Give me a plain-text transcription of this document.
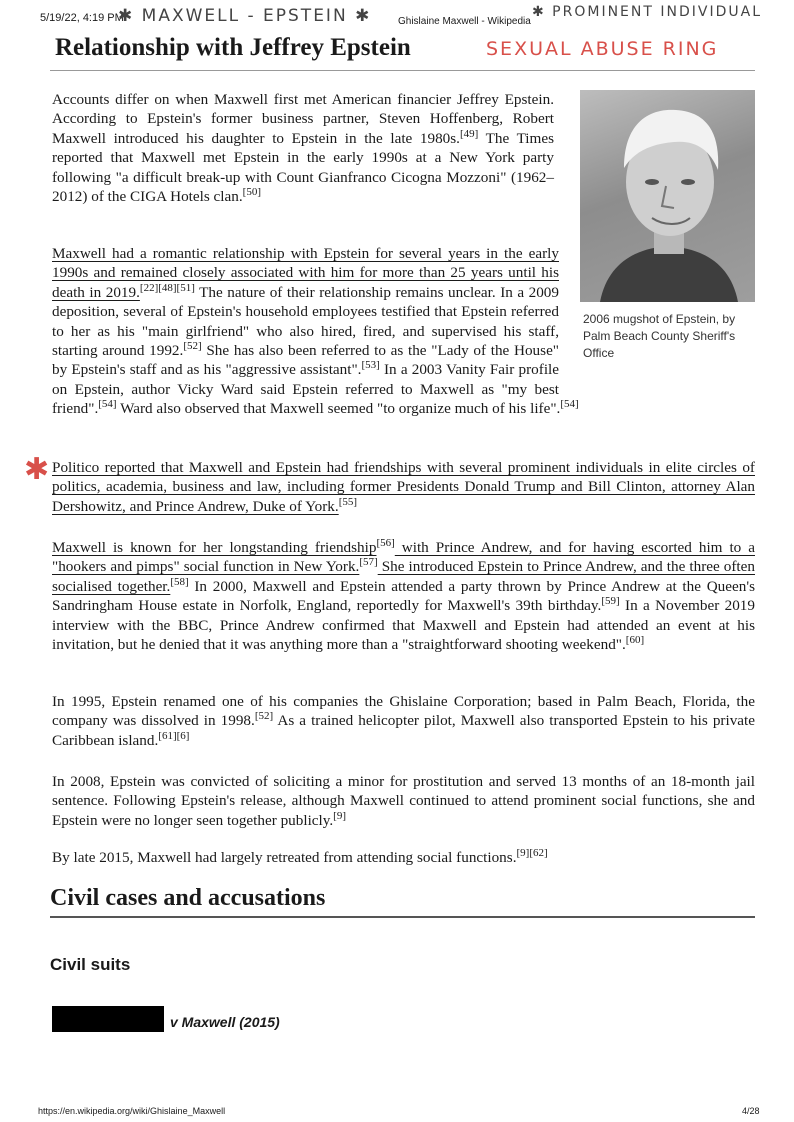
5/19/22, 4:19 PM
✱ MAXWELL - EPSTEIN ✱	Ghislaine Maxwell - Wikipedia
✱ PROMINENT INDIVIDUAL
Relationship with Jeffrey Epstein	SEXUAL ABUSE RING
2006 mugshot of Epstein, by Palm Beach County Sheriff's Office
Accounts differ on when Maxwell first met American financier Jeffrey Epstein. According to Epstein's former business partner, Steven Hoffenberg, Robert Maxwell introduced his daughter to Epstein in the late 1980s.[49] The Times reported that Maxwell met Epstein in the early 1990s at a New York party following "a difficult break-up with Count Gianfranco Cicogna Mozzoni" (1962–2012) of the CIGA Hotels clan.[50]
Maxwell had a romantic relationship with Epstein for several years in the early 1990s and remained closely associated with him for more than 25 years until his death in 2019.[22][48][51] The nature of their relationship remains unclear. In a 2009 deposition, several of Epstein's household employees testified that Epstein referred to her as his "main girlfriend" who also hired, fired, and supervised his staff, starting around 1992.[52] She has also been referred to as the "Lady of the House" by Epstein's staff and as his "aggressive assistant".[53] In a 2003 Vanity Fair profile on Epstein, author Vicky Ward said Epstein referred to Maxwell as "my best friend".[54] Ward also observed that Maxwell seemed "to organize much of his life".[54]
✱ Politico reported that Maxwell and Epstein had friendships with several prominent individuals in elite circles of politics, academia, business and law, including former Presidents Donald Trump and Bill Clinton, attorney Alan Dershowitz, and Prince Andrew, Duke of York.[55]
Maxwell is known for her longstanding friendship[56] with Prince Andrew, and for having escorted him to a "hookers and pimps" social function in New York.[57] She introduced Epstein to Prince Andrew, and the three often socialised together.[58] In 2000, Maxwell and Epstein attended a party thrown by Prince Andrew at the Queen's Sandringham House estate in Norfolk, England, reportedly for Maxwell's 39th birthday.[59] In a November 2019 interview with the BBC, Prince Andrew confirmed that Maxwell and Epstein had attended an event at his invitation, but he denied that it was anything more than a "straightforward shooting weekend".[60]
In 1995, Epstein renamed one of his companies the Ghislaine Corporation; based in Palm Beach, Florida, the company was dissolved in 1998.[52] As a trained helicopter pilot, Maxwell also transported Epstein to his private Caribbean island.[61][6]
In 2008, Epstein was convicted of soliciting a minor for prostitution and served 13 months of an 18-month jail sentence. Following Epstein's release, although Maxwell continued to attend prominent social functions, she and Epstein were no longer seen together publicly.[9]
By late 2015, Maxwell had largely retreated from attending social functions.[9][62]
Civil cases and accusations
Civil suits
v Maxwell (2015)
https://en.wikipedia.org/wiki/Ghislaine_Maxwell	4/28
